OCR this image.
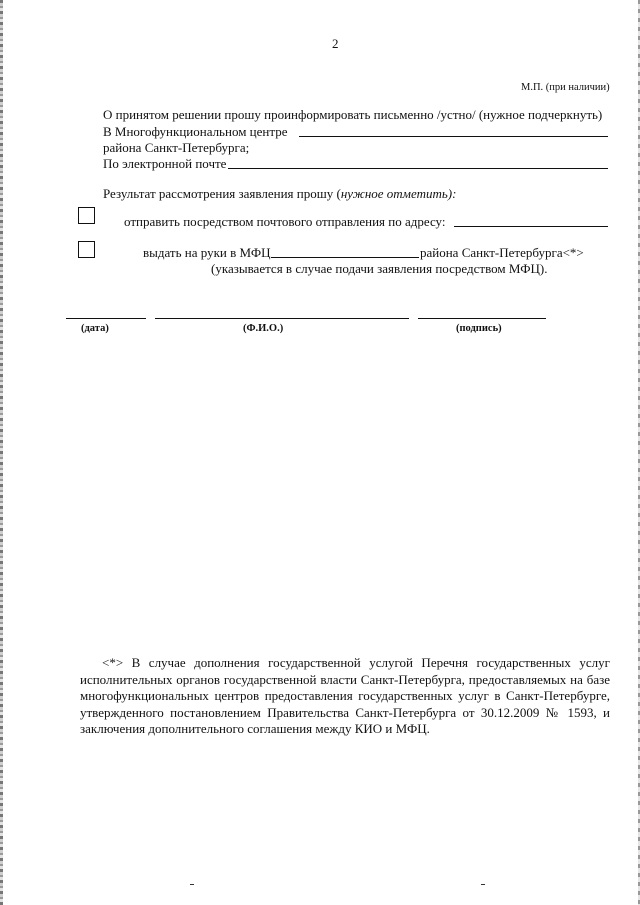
2
М.П. (при наличии)
О принятом решении прошу проинформировать письменно /устно/ (нужное подчеркнуть)
В Многофункциональном центре
района Санкт-Петербурга;
По электронной почте
Результат рассмотрения заявления прошу (нужное отметить):
отправить посредством почтового отправления по адресу:
выдать на руки в МФЦ	района Санкт-Петербурга<*>
(указывается в случае подачи заявления посредством МФЦ).
(дата)	(Ф.И.О.)	(подпись)
<*> В случае дополнения государственной услугой Перечня государственных услуг исполнительных органов государственной власти Санкт-Петербурга, предоставляемых на базе многофункциональных центров предоставления государственных услуг в Санкт-Петербурге, утвержденного постановлением Правительства Санкт-Петербурга от 30.12.2009 № 1593, и заключения дополнительного соглашения между КИО и МФЦ.
